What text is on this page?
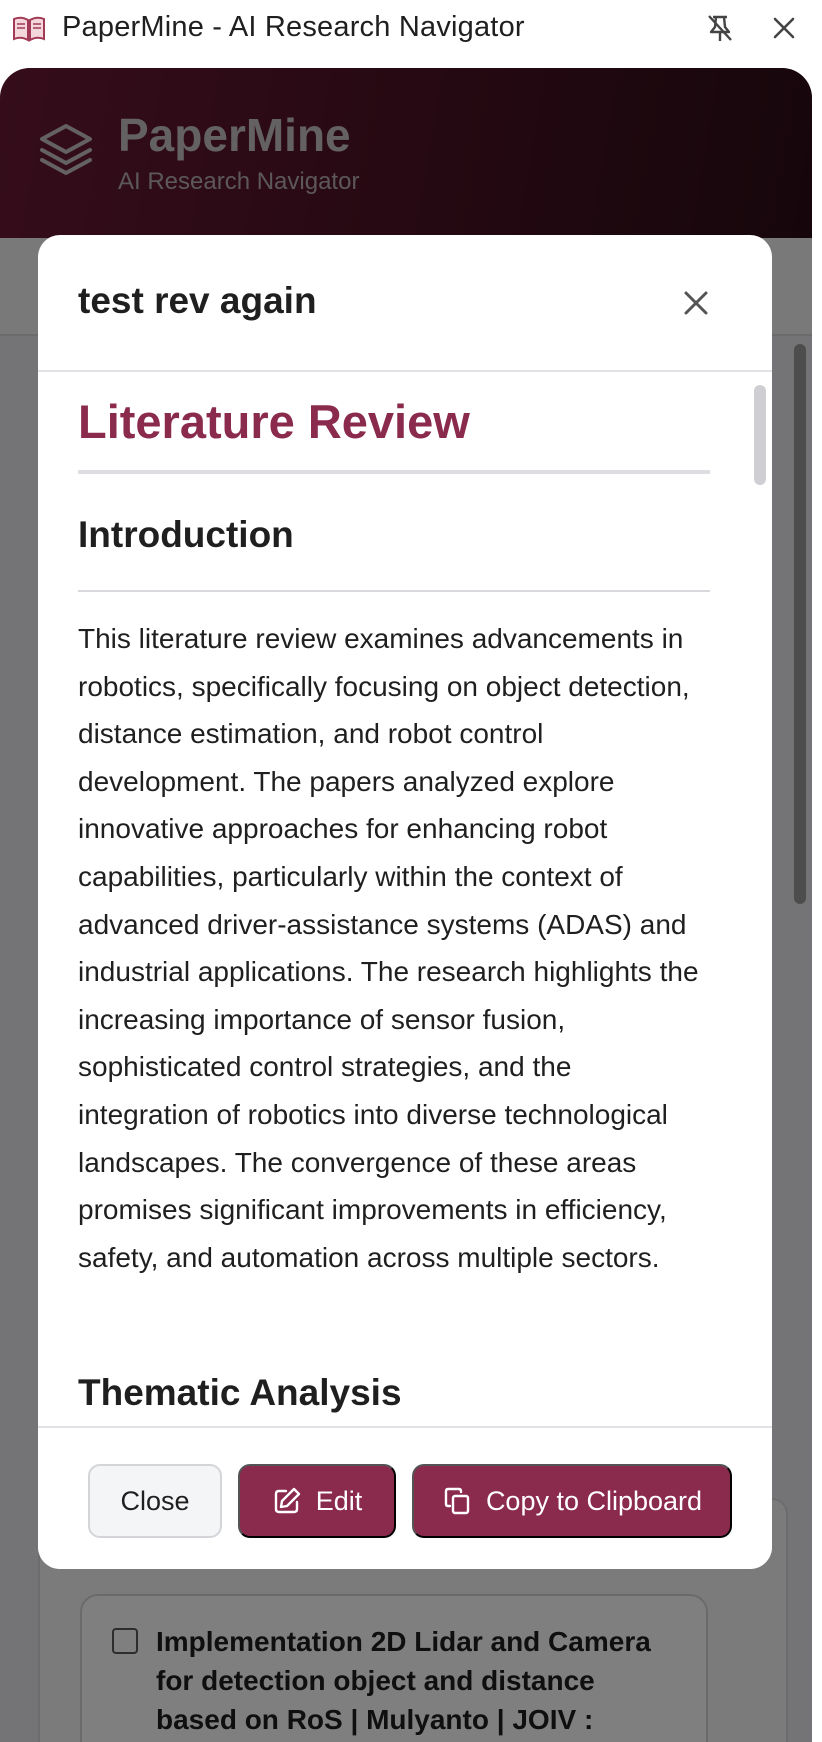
PaperMine - AI Research Navigator
test rev again
Literature Review
Introduction
This literature review examines advancements in
robotics, specifically focusing on object detection,
distance estimation, and robot control
development. The papers analyzed explore
innovative approaches for enhancing robot
capabilities, particularly within the context of
advanced driver-assistance systems (ADAS) and
industrial applications. The research highlights the
increasing importance of sensor fusion,
sophisticated control strategies, and the
integration of robotics into diverse technological
landscapes. The convergence of these areas
promises significant improvements in efficiency,
safety, and automation across multiple sectors.
Thematic Analysis
Close	Edit	Copy to Clipboard
